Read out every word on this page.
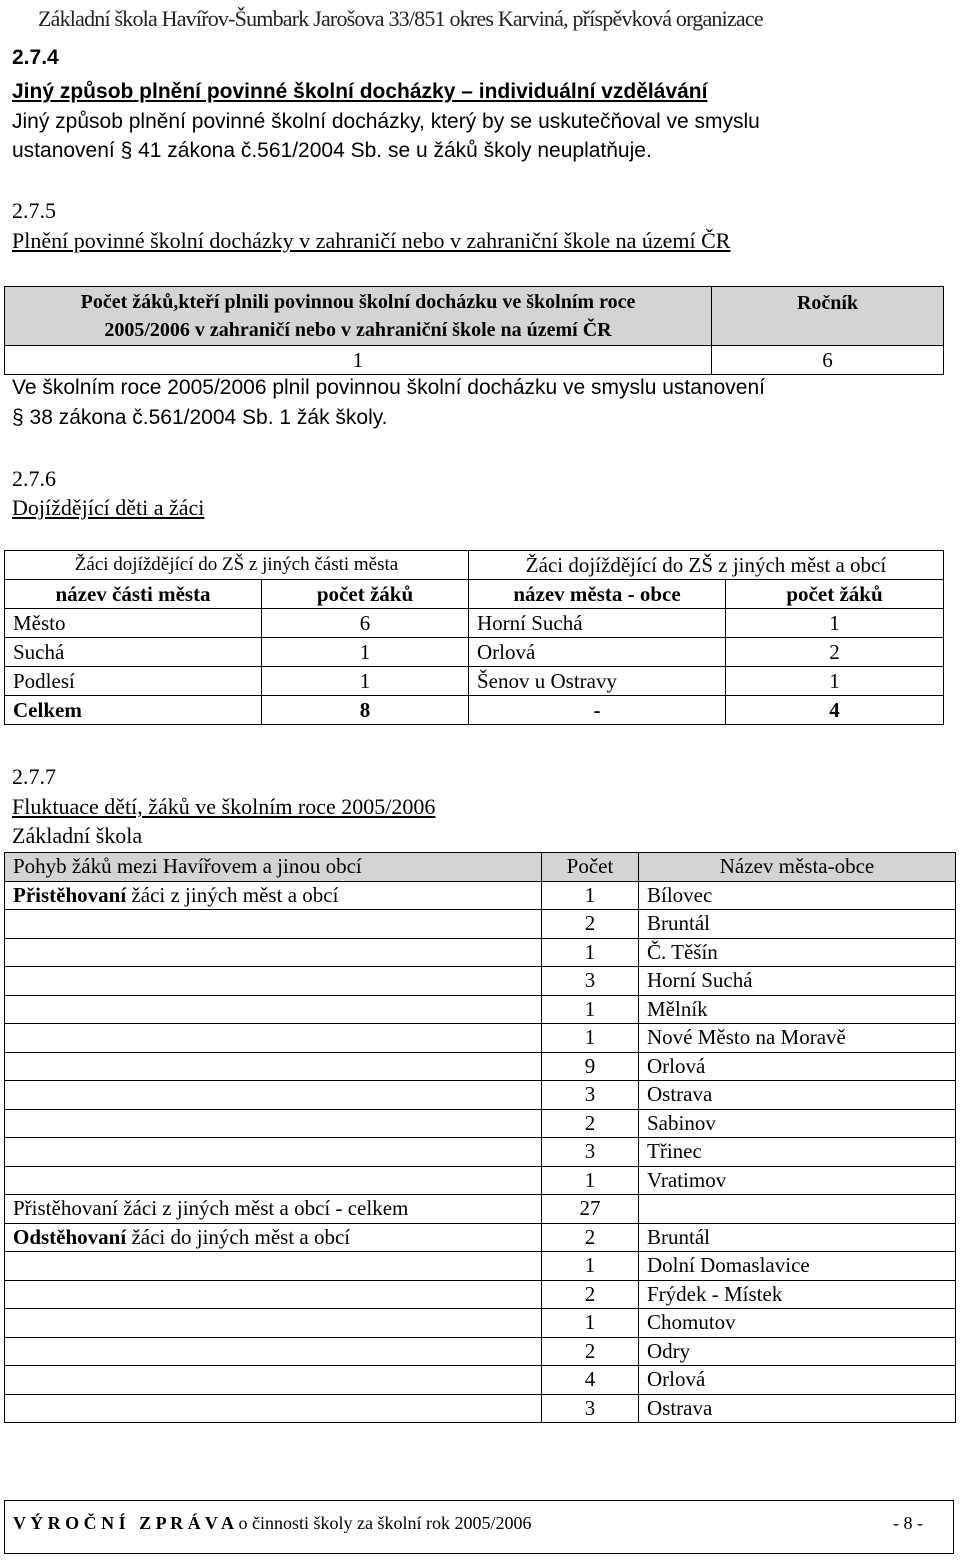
Základní škola Havířov-Šumbark Jarošova 33/851 okres Karviná, příspěvková organizace
2.7.4
Jiný způsob plnění povinné školní docházky – individuální vzdělávání
Jiný způsob plnění povinné školní docházky, který by se uskutečňoval ve smyslu
ustanovení § 41 zákona č.561/2004 Sb. se u žáků školy neuplatňuje.
2.7.5
Plnění povinné školní docházky v zahraničí nebo v zahraniční škole na území ČR
Počet žáků,kteří plnili povinnou školní docházku ve školním roce
2005/2006 v zahraničí nebo v zahraniční škole na území ČR	Ročník
1	6
Ve školním roce 2005/2006 plnil povinnou školní docházku ve smyslu ustanovení
§ 38 zákona č.561/2004 Sb. 1 žák školy.
2.7.6
Dojíždějící děti a žáci
Žáci dojíždějící do ZŠ z jiných části města		Žáci dojíždějící do ZŠ z jiných měst a obcí	
název části města	počet žáků	název města - obce	počet žáků
Město	6	Horní Suchá	1
Suchá	1	Orlová	2
Podlesí	1	Šenov u Ostravy	1
Celkem	8	-	4
2.7.7
Fluktuace dětí, žáků ve školním roce 2005/2006
Základní škola
Pohyb žáků mezi Havířovem a jinou obcí	Počet	Název města-obce
Přistěhovaní žáci z jiných měst a obcí	1	Bílovec
	2	Bruntál
	1	Č. Těšín
	3	Horní Suchá
	1	Mělník
	1	Nové Město na Moravě
	9	Orlová
	3	Ostrava
	2	Sabinov
	3	Třinec
	1	Vratimov
Přistěhovaní žáci z jiných měst a obcí - celkem	27	
Odstěhovaní žáci do jiných měst a obcí	2	Bruntál
	1	Dolní Domaslavice
	2	Frýdek - Místek
	1	Chomutov
	2	Odry
	4	Orlová
	3	Ostrava
V Ý R O Č N Í   Z P R Á V A o činnosti školy za školní rok 2005/2006	- 8 -
